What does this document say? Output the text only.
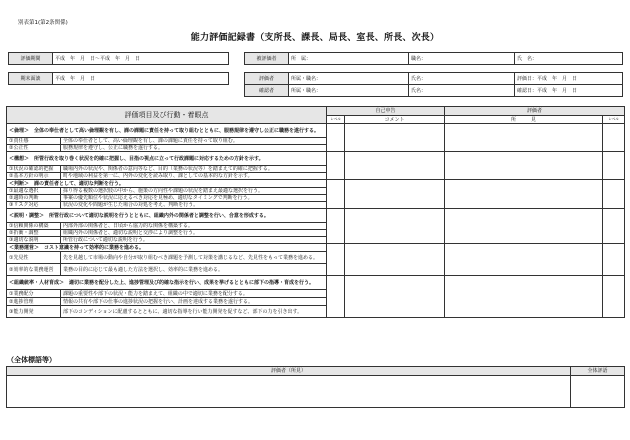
別表第1(第2条関係)
能力評価記録書（支所長、課長、局長、室長、所長、次長）
評価期間	平成　年　月　日～平成　年　月　日
期末面談	平成　年　月　日
被評価者	所　属：	職名：	氏　名：
評価者	所属・職名：	氏名：	評価日：平成　年　月　日
確認者	所属・職名：	氏名：	確認日：平成　年　月　日
評価項目及び行動・着眼点		自己申告		評価者	
		レベル	コメント	所　　　見	レベル
＜倫理＞　全体の奉仕者として高い倫理観を有し、課の課題に責任を持って取り組むとともに、服務規律を遵守し公正に職務を遂行する。					
①責任感	全体の奉仕者として、高い倫理観を有し、課の課題に責任を持って取り組む。				
②公正性	服務規律を遵守し、公正に職務を遂行する。				
＜構想＞　所管行政を取り巻く状況を的確に把握し、目指の視点に立って行政課題に対応するための方針を示す。					
①状況の確認的把握	職場内外の状況や、関係者の意向等など、目的（業務の状況等）を踏まえて的確に把握する。				
②基本方針の明示	町や地域の利益を第一に、内外の変化を読み取り、課としての基本的な方針を示す。				
＜判断＞　課の責任者として、適切な判断を行う。					
①最適な選択	採り得る複数の選択肢の中から、施策の方向性や課題の状況を踏まえ最適な選択を行う。				
②適時の判断	事案の優先順位や状況に応えるべき対応を見極め、適切なタイミングで判断を行う。				
③リスク対応	状況の変化や問題が生じた場合の対処を考え、判断を行う。				
＜説明・調整＞　所管行政について適切な説明を行うとともに、組織内外の関係者と調整を行い、合意を形成する。					
①信頼関係の構築	内部外部の関係者と、日頃から協力的な関係を構築する。				
②折衝・調整	組織内外の関係者と、適切な説明と交渉により調整を行う。				
③適切な説明	所管行政について適切な説明を行う。				
＜業務運営＞　コスト意識を持って効率的に業務を進める。					
①先見性	先を見越して市場の動向や自分が取り組むべき課題を予測して対策を講じるなど、先見性をもって業務を進める。				
②効率的な業務運営	業務の目的に応じて最も適した方法を選択し、効率的に業務を進める。				
＜組織統率・人材育成＞　適切に業務を配分した上、進捗管理及び的確な指示を行い、成果を挙げるとともに部下の指導・育成を行う。					
①業務配分	課題の重要性や部下の状況・能力を踏まえて、組織の中で適切に業務を配分する。				
②進捗管理	情報の共有や部下の仕事の進捗状況の把握を行い、計画を達成する業務を遂行する。				
③能力開発	部下のコンディションに配慮するとともに、適切な指導を行い能力開発を促すなど、部下の力を引き出す。				
（全体標語等）
評価者（所見）	全体評語
